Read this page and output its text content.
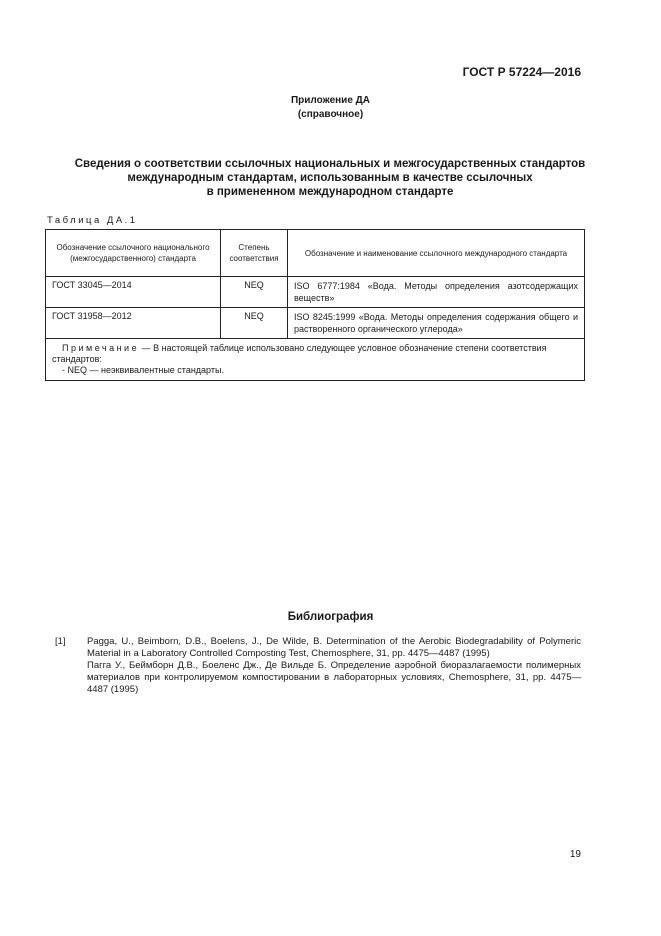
ГОСТ Р 57224—2016
Приложение ДА
(справочное)
Сведения о соответствии ссылочных национальных и межгосударственных стандартов
международным стандартам, использованным в качестве ссылочных
в примененном международном стандарте
Таблица ДА.1
Обозначение ссылочного национального (межгосударственного) стандарта	Степень соответствия	Обозначение и наименование ссылочного международного стандарта
ГОСТ 33045—2014	NEQ	ISO 6777:1984 «Вода. Методы определения азотсодержащих веществ»
ГОСТ 31958—2012	NEQ	ISO 8245:1999 «Вода. Методы определения содержания общего и растворенного органического углерода»

Примечание — В настоящей таблице использовано следующее условное обозначение степени соответствия стандартов:
- NEQ — неэквивалентные стандарты.		
Библиография
[1] Pagga, U., Beimborn, D.B., Boelens, J., De Wilde, B. Determination of the Aerobic Biodegradability of Polymeric Material in a Laboratory Controlled Composting Test, Chemosphere, 31, pp. 4475—4487 (1995)

Пагга У., Беймборн Д.В., Боеленс Дж., Де Вильде Б. Определение аэробной биоразлагаемости полимерных материалов при контролируемом компостировании в лабораторных условиях, Chemosphere, 31, pp. 4475—4487 (1995)

19
